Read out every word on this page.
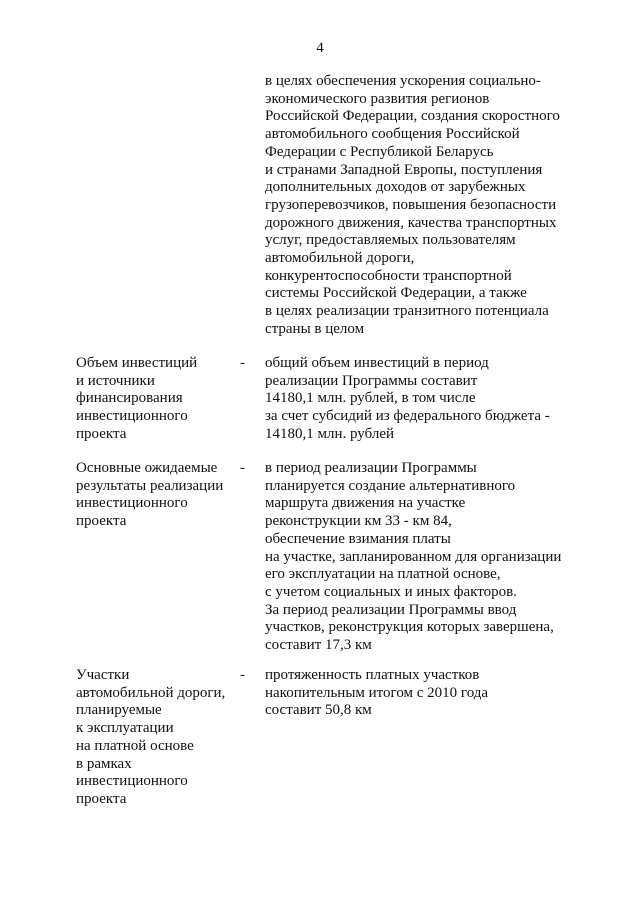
4

в целях обеспечения ускорения социально-
экономического развития регионов
Российской Федерации, создания скоростного
автомобильного сообщения Российской
Федерации с Республикой Беларусь
и странами Западной Европы, поступления
дополнительных доходов от зарубежных
грузоперевозчиков, повышения безопасности
дорожного движения, качества транспортных
услуг, предоставляемых пользователям
автомобильной дороги,
конкурентоспособности транспортной
системы Российской Федерации, а также
в целях реализации транзитного потенциала
страны в целом
Объем инвестиций
и источники
финансирования
инвестиционного
проекта
-	общий объем инвестиций в период
реализации Программы составит
14180,1 млн. рублей, в том числе
за счет субсидий из федерального бюджета -
14180,1 млн. рублей
Основные ожидаемые
результаты реализации
инвестиционного
проекта
-	в период реализации Программы
планируется создание альтернативного
маршрута движения на участке
реконструкции км 33 - км 84,
обеспечение взимания платы
на участке, запланированном для организации
его эксплуатации на платной основе,
с учетом социальных и иных факторов.
За период реализации Программы ввод
участков, реконструкция которых завершена,
составит 17,3 км
Участки
автомобильной дороги,
планируемые
к эксплуатации
на платной основе
в рамках
инвестиционного
проекта
-	протяженность платных участков
накопительным итогом с 2010 года
составит 50,8 км
